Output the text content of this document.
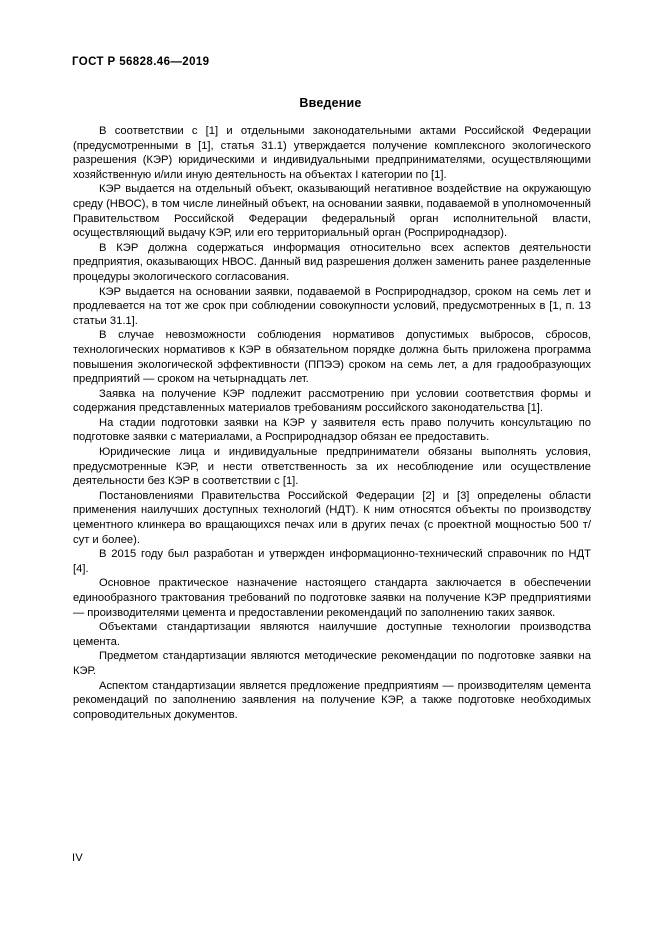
ГОСТ Р 56828.46—2019
Введение

В соответствии с [1] и отдельными законодательными актами Российской Федерации (предусмотренными в [1], статья 31.1) утверждается получение комплексного экологического разрешения (КЭР) юридическими и индивидуальными предпринимателями, осуществляющими хозяйственную и/или иную деятельность на объектах I категории по [1].

КЭР выдается на отдельный объект, оказывающий негативное воздействие на окружающую среду (НВОС), в том числе линейный объект, на основании заявки, подаваемой в уполномоченный Правительством Российской Федерации федеральный орган исполнительной власти, осуществляющий выдачу КЭР, или его территориальный орган (Росприроднадзор).

В КЭР должна содержаться информация относительно всех аспектов деятельности предприятия, оказывающих НВОС. Данный вид разрешения должен заменить ранее разделенные процедуры экологического согласования.

КЭР выдается на основании заявки, подаваемой в Росприроднадзор, сроком на семь лет и продлевается на тот же срок при соблюдении совокупности условий, предусмотренных в [1, п. 13 статьи 31.1].

В случае невозможности соблюдения нормативов допустимых выбросов, сбросов, технологических нормативов к КЭР в обязательном порядке должна быть приложена программа повышения экологической эффективности (ППЭЭ) сроком на семь лет, а для градообразующих предприятий — сроком на четырнадцать лет.

Заявка на получение КЭР подлежит рассмотрению при условии соответствия формы и содержания представленных материалов требованиям российского законодательства [1].

На стадии подготовки заявки на КЭР у заявителя есть право получить консультацию по подготовке заявки с материалами, а Росприроднадзор обязан ее предоставить.

Юридические лица и индивидуальные предприниматели обязаны выполнять условия, предусмотренные КЭР, и нести ответственность за их несоблюдение или осуществление деятельности без КЭР в соответствии с [1].

Постановлениями Правительства Российской Федерации [2] и [3] определены области применения наилучших доступных технологий (НДТ). К ним относятся объекты по производству цементного клинкера во вращающихся печах или в других печах (с проектной мощностью 500 т/сут и более).

В 2015 году был разработан и утвержден информационно-технический справочник по НДТ [4].

Основное практическое назначение настоящего стандарта заключается в обеспечении единообразного трактования требований по подготовке заявки на получение КЭР предприятиями — производителями цемента и предоставлении рекомендаций по заполнению таких заявок.

Объектами стандартизации являются наилучшие доступные технологии производства цемента.

Предметом стандартизации являются методические рекомендации по подготовке заявки на КЭР.

Аспектом стандартизации является предложение предприятиям — производителям цемента рекомендаций по заполнению заявления на получение КЭР, а также подготовке необходимых сопроводительных документов.

IV
